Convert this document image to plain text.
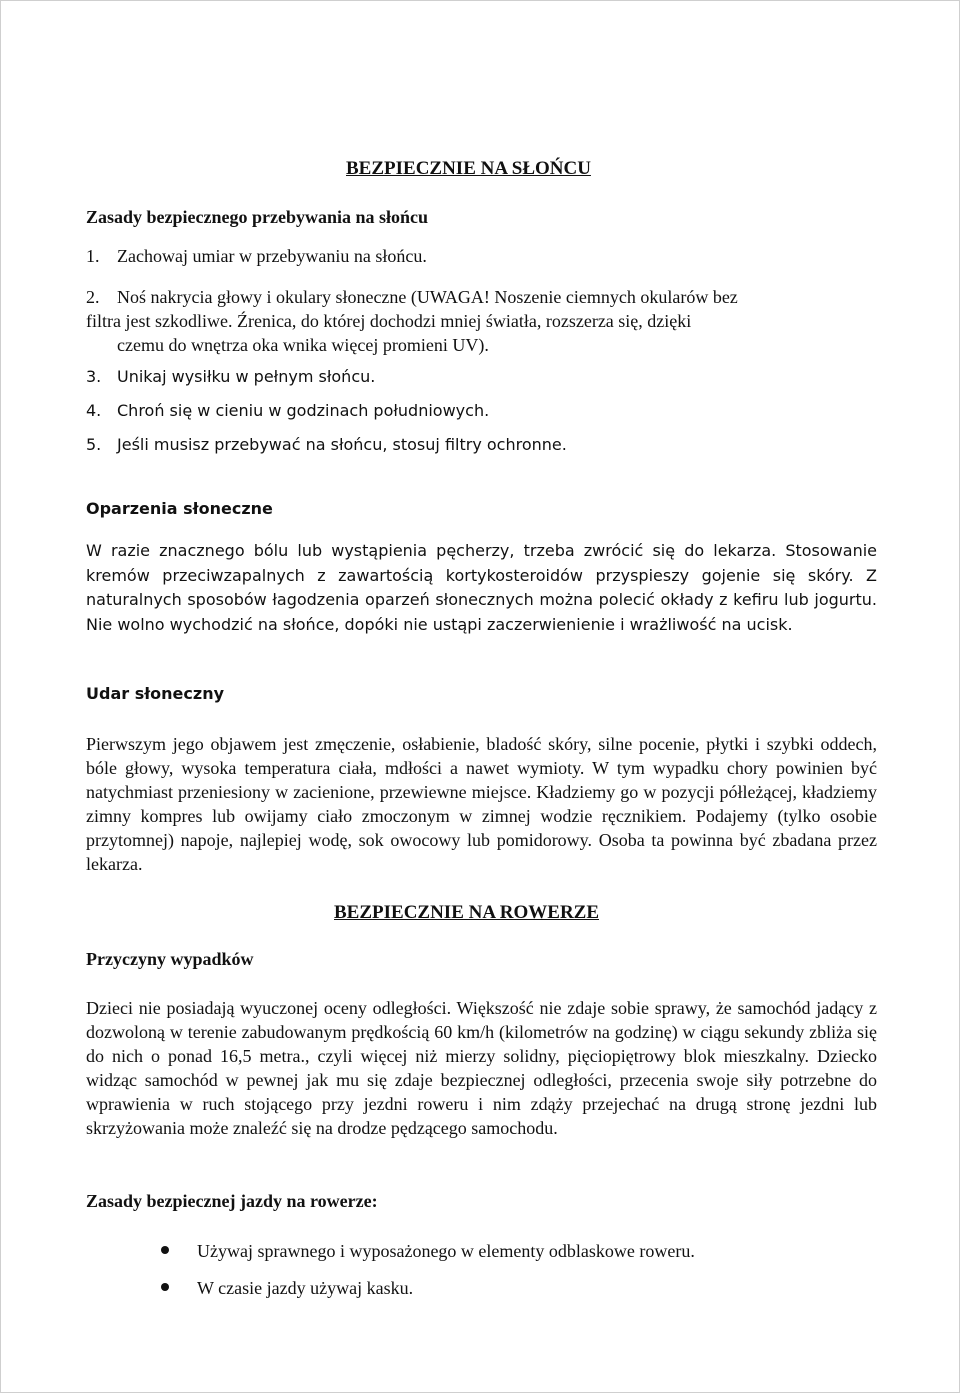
BEZPIECZNIE NA SŁOŃCU
Zasady bezpiecznego przebywania na słońcu
1. Zachowaj umiar w przebywaniu na słońcu.
2. Noś nakrycia głowy i okulary słoneczne (UWAGA! Noszenie ciemnych okularów bez
filtra jest szkodliwe. Źrenica, do której dochodzi mniej światła, rozszerza się, dzięki
czemu do wnętrza oka wnika więcej promieni UV).
3. Unikaj wysiłku w pełnym słońcu.
4. Chroń się w cieniu w godzinach południowych.
5. Jeśli musisz przebywać na słońcu, stosuj filtry ochronne.
Oparzenia słoneczne
W razie znacznego bólu lub wystąpienia pęcherzy, trzeba zwrócić się do lekarza. Stosowanie kremów przeciwzapalnych z zawartością kortykosteroidów przyspieszy gojenie się skóry. Z naturalnych sposobów łagodzenia oparzeń słonecznych można polecić okłady z kefiru lub jogurtu. Nie wolno wychodzić na słońce, dopóki nie ustąpi zaczerwienienie i wrażliwość na ucisk.
Udar słoneczny
Pierwszym jego objawem jest zmęczenie, osłabienie, bladość skóry, silne pocenie, płytki i szybki oddech, bóle głowy, wysoka temperatura ciała, mdłości a nawet wymioty. W tym wypadku chory powinien być natychmiast przeniesiony w zacienione, przewiewne miejsce. Kładziemy go w pozycji półleżącej, kładziemy zimny kompres lub owijamy ciało zmoczonym w zimnej wodzie ręcznikiem. Podajemy (tylko osobie przytomnej) napoje, najlepiej wodę, sok owocowy lub pomidorowy. Osoba ta powinna być zbadana przez lekarza.
BEZPIECZNIE NA ROWERZE
Przyczyny wypadków
Dzieci nie posiadają wyuczonej oceny odległości. Większość nie zdaje sobie sprawy, że samochód jadący z dozwoloną w terenie zabudowanym prędkością 60 km/h (kilometrów na godzinę) w ciągu sekundy zbliża się do nich o ponad 16,5 metra., czyli więcej niż mierzy solidny, pięciopiętrowy blok mieszkalny. Dziecko widząc samochód w pewnej jak mu się zdaje bezpiecznej odległości, przecenia swoje siły potrzebne do wprawienia w ruch stojącego przy jezdni roweru i nim zdąży przejechać na drugą stronę jezdni lub skrzyżowania może znaleźć się na drodze pędzącego samochodu.
Zasady bezpiecznej jazdy na rowerze:
Używaj sprawnego i wyposażonego w elementy odblaskowe roweru.
W czasie jazdy używaj kasku.
